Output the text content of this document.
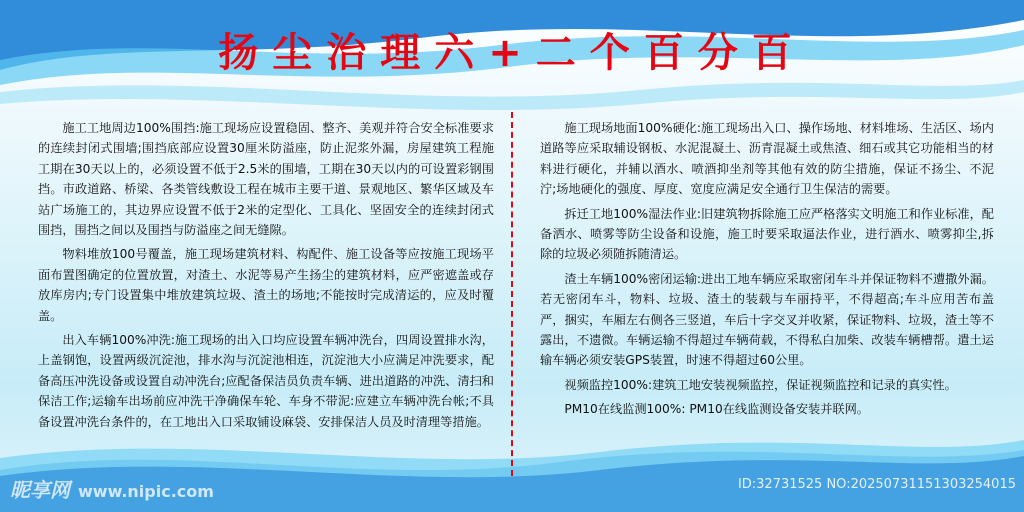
扬尘治理六+二个百分百

施工工地周边100%围挡:施工现场应设置稳固、整齐、美观并符合安全标准要求的连续封闭式围墙;围挡底部应设置30厘米防溢座，防止泥浆外漏，房屋建筑工程施工期在30天以上的，必须设置不低于2.5米的围墙，工期在30天以内的可设置彩钢围挡。市政道路、桥梁、各类管线敷设工程在城市主要干道、景观地区、繁华区域及车站广场施工的，其边界应设置不低于2米的定型化、工具化、坚固安全的连续封闭式围挡，围挡之间以及围挡与防溢座之间无缝隙。

物料堆放100号覆盖，施工现场建筑材料、构配件、施工设备等应按施工现场平面布置图确定的位置放置，对渣土、水泥等易产生扬尘的建筑材料，应严密遮盖或存放库房内;专门设置集中堆放建筑垃圾、渣土的场地;不能按时完成清运的，应及时覆盖。

出入车辆100%冲洗:施工现场的出入口均应设置车辆冲洗台，四周设置排水沟，上盖钢饱，设置两级沉淀池，排水沟与沉淀池相连，沉淀池大小应满足冲洗要求，配备高压冲洗设备或设置自动冲洗台;应配备保洁员负责车辆、进出道路的冲洗、清扫和保洁工作;运输车出场前应冲洗干净确保车轮、车身不带泥:应建立车辆冲洗台帐;不具备设置冲洗台条件的，在工地出入口采取铺设麻袋、安排保洁人员及时清理等措施。

施工现场地面100%硬化:施工现场出入口、操作场地、材料堆场、生活区、场内道路等应采取辅设钢板、水泥混凝土、沥青混凝土或焦渣、细石或其它功能相当的材料进行硬化，并辅以酒水、喷酒抑坐剂等其他有效的防尘措施，保证不扬尘、不泥泞;场地硬化的强度、厚度、宽度应满足安全通行卫生保洁的需要。

拆迁工地100%湿法作业:旧建筑物拆除施工应严格落实文明施工和作业标准，配备洒水、喷雾等防尘设备和设施，施工时要采取逼法作业，进行酒水、喷雾抑尘,拆除的垃圾必须随拆随清运。

渣土车辆100%密闭运输:进出工地车辆应采取密闭车斗并保证物料不遭撒外漏。若无密闭车斗，物料、垃圾、渣土的装载与车丽持平，不得超高;车斗应用苦布盖严，捆实，车厢左右侧各三竖道，车后十字交叉并收紧，保证物料、垃圾，渣土等不露出，不遗微。车辆运输不得超过车辆荷载，不得私白加柴、改装车辆槽帮。遣土运输车辆必须安装GPS装置，时速不得超过60公里。

视频监控100%:建筑工地安装视频监控，保证视频监控和记录的真实性。

PM10在线监测100%: PM10在线监测设备安装并联网。

昵享网 www.nipic.com	ID:32731525 NO:20250731151303254015
